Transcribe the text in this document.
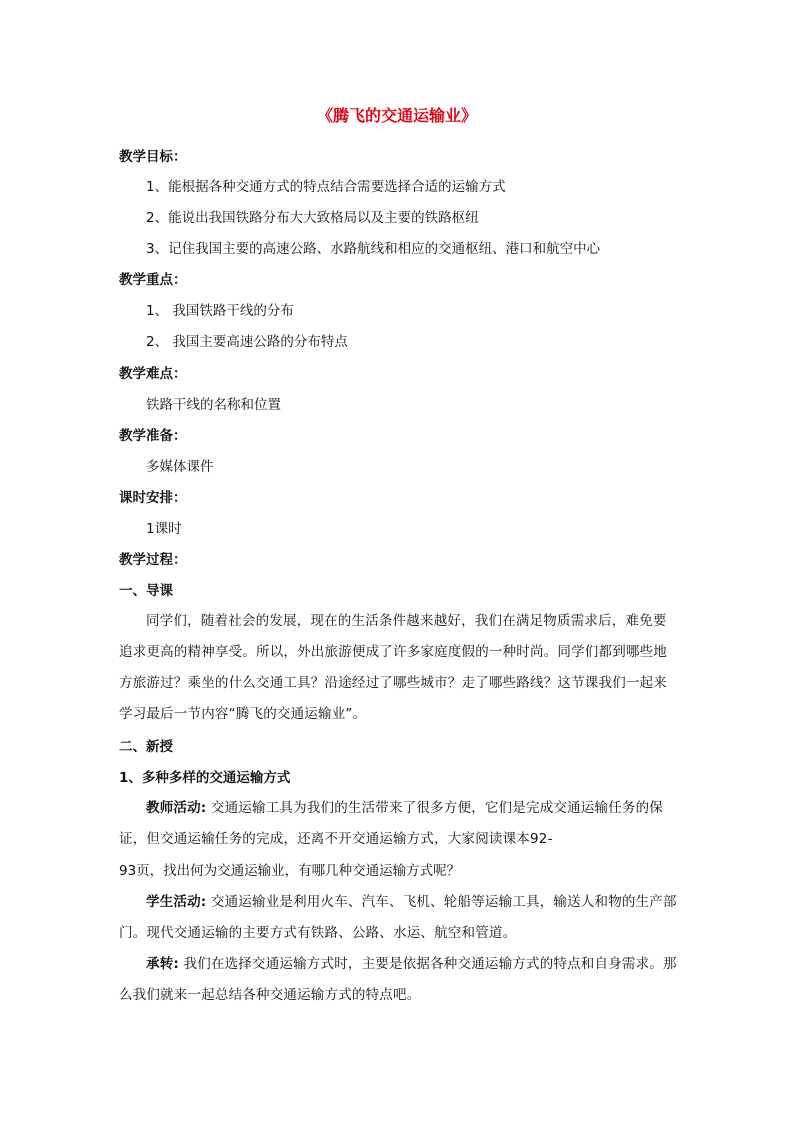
《腾飞的交通运输业》
教学目标：
1、能根据各种交通方式的特点结合需要选择合适的运输方式
2、能说出我国铁路分布大大致格局以及主要的铁路枢纽
3、记住我国主要的高速公路、水路航线和相应的交通枢纽、港口和航空中心
教学重点：
1、 我国铁路干线的分布
2、 我国主要高速公路的分布特点
教学难点：
铁路干线的名称和位置
教学准备：
多媒体课件
课时安排：
1课时
教学过程：
一、导课
同学们，随着社会的发展，现在的生活条件越来越好，我们在满足物质需求后，难免要追求更高的精神享受。所以，外出旅游便成了许多家庭度假的一种时尚。同学们都到哪些地方旅游过？乘坐的什么交通工具？沿途经过了哪些城市？走了哪些路线？这节课我们一起来学习最后一节内容“腾飞的交通运输业”。
二、新授
1、多种多样的交通运输方式
教师活动: 交通运输工具为我们的生活带来了很多方便，它们是完成交通运输任务的保证，但交通运输任务的完成，还离不开交通运输方式，大家阅读课本92-
93页，找出何为交通运输业，有哪几种交通运输方式呢？
学生活动: 交通运输业是利用火车、汽车、飞机、轮船等运输工具，输送人和物的生产部门。现代交通运输的主要方式有铁路、公路、水运、航空和管道。
承转: 我们在选择交通运输方式时，主要是依据各种交通运输方式的特点和自身需求。那么我们就来一起总结各种交通运输方式的特点吧。
